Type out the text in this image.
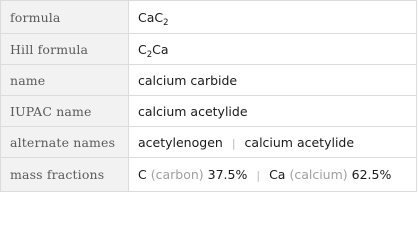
formula	CaC$_2$
Hill formula	$C_2Ca$
name	calcium carbide
IUPAC name	calcium acetylide
alternate names	acetylenogen | calcium acetylide
mass fractions	C (carbon) 37.5% | Ca (calcium) 62.5%
